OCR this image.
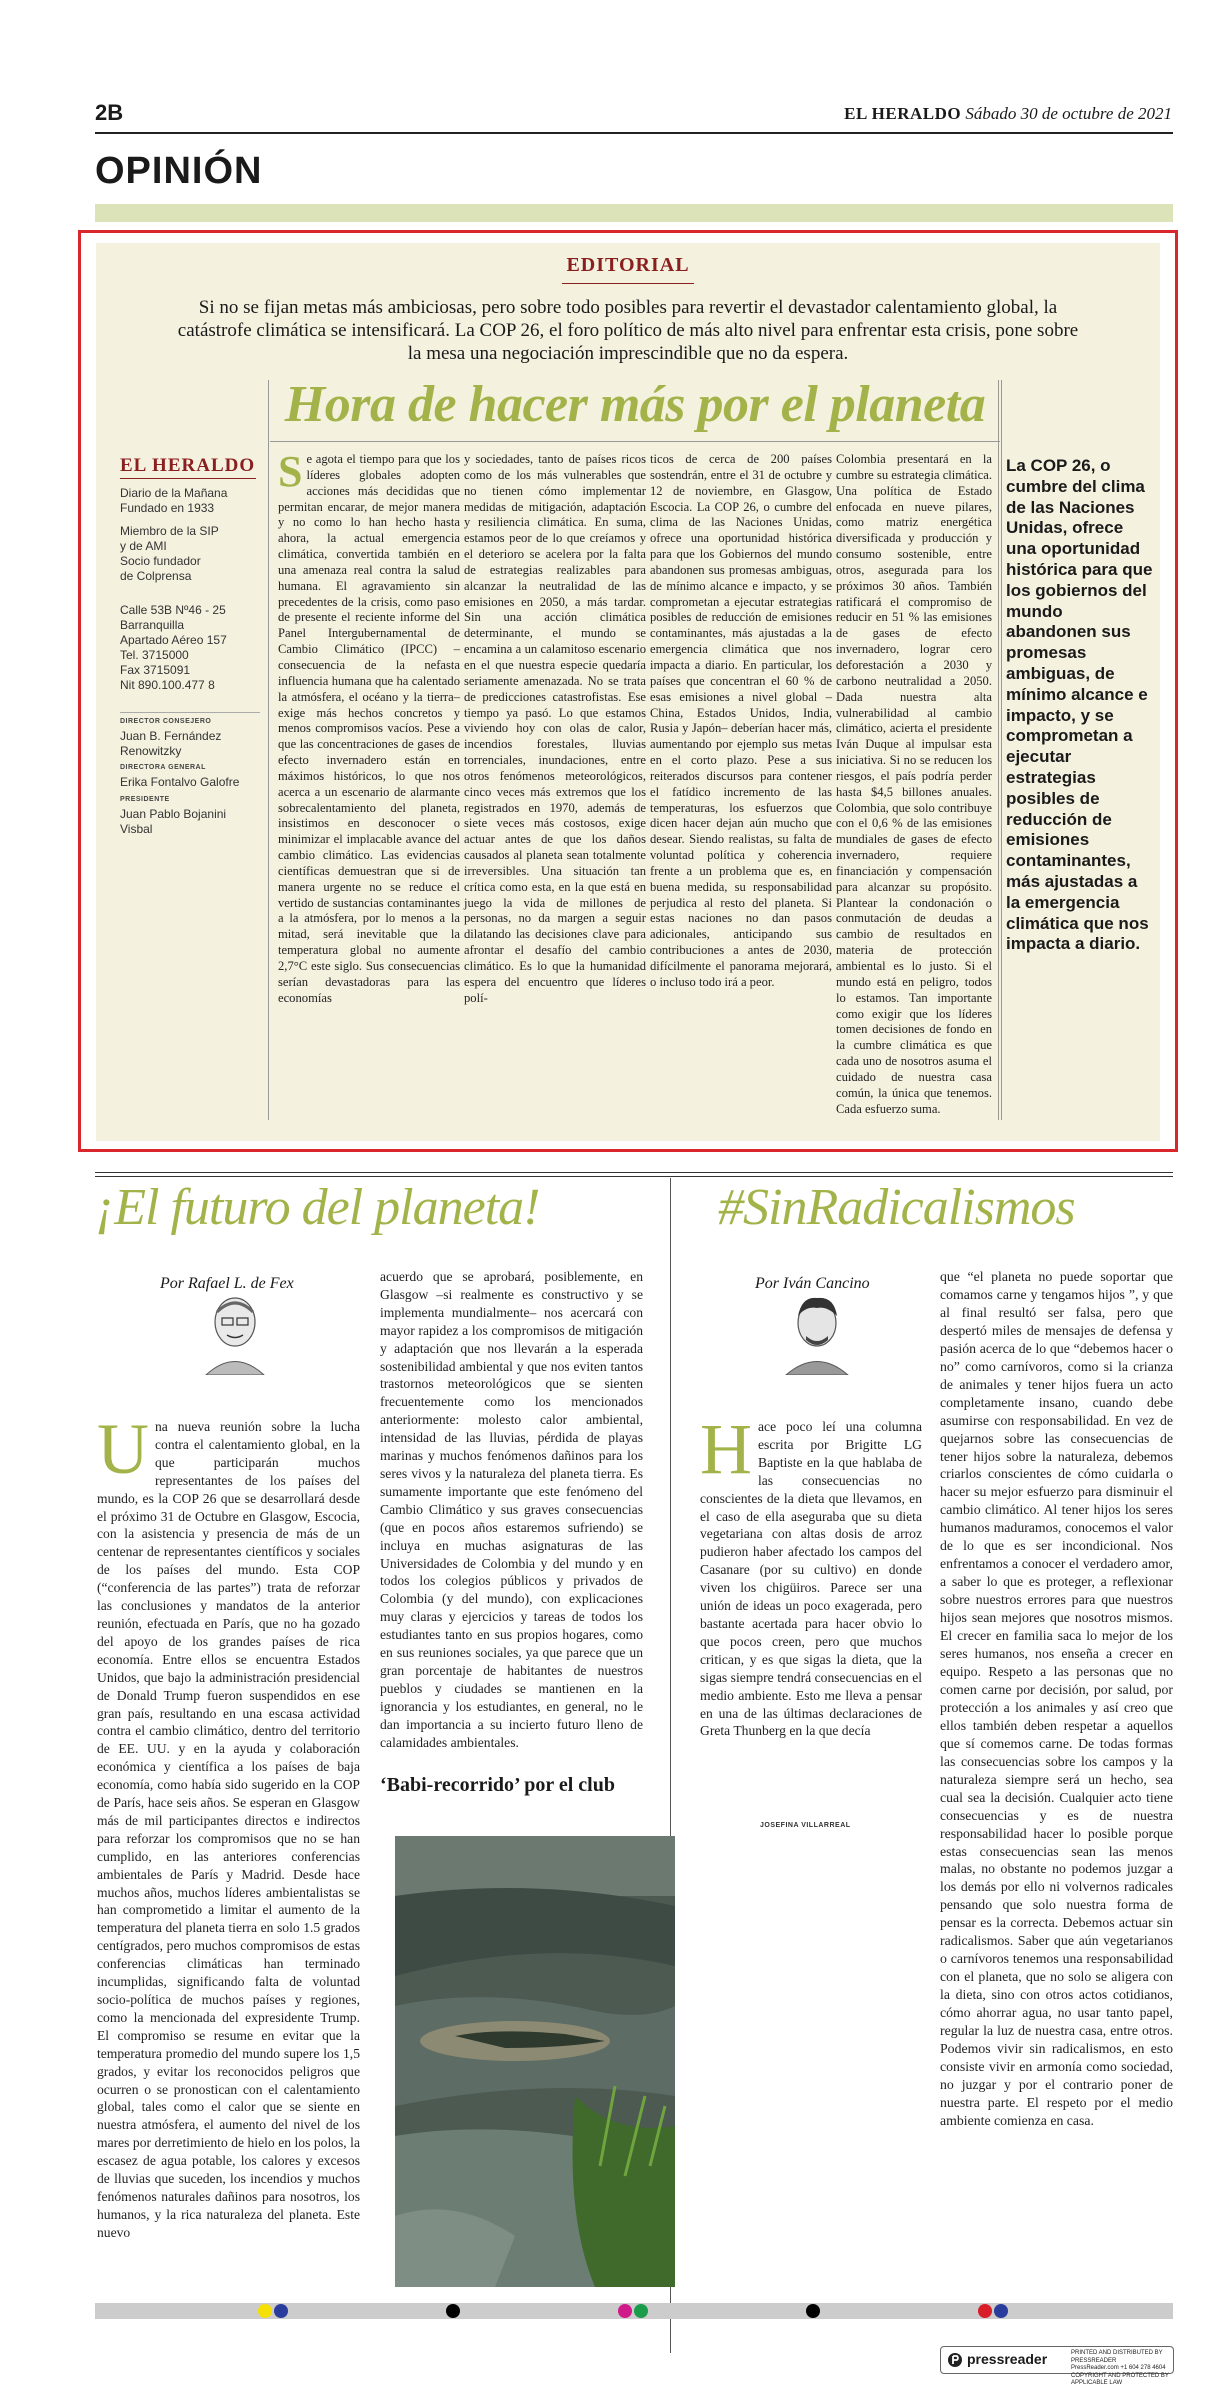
2B	EL HERALDO Sábado 30 de octubre de 2021
OPINIÓN
EDITORIAL
Si no se fijan metas más ambiciosas, pero sobre todo posibles para revertir el devastador calentamiento global, la catástrofe climática se intensificará. La COP 26, el foro político de más alto nivel para enfrentar esta crisis, pone sobre la mesa una negociación imprescindible que no da espera.
Hora de hacer más por el planeta
EL HERALDO
Diario de la Mañana
Fundado en 1933
Miembro de la SIP
y de AMI
Socio fundador
de Colprensa
Calle 53B Nº46 - 25
Barranquilla
Apartado Aéreo 157
Tel. 3715000
Fax 3715091
Nit 890.100.477 8
DIRECTOR CONSEJERO
Juan B. Fernández Renowitzky
DIRECTORA GENERAL
Erika Fontalvo Galofre
PRESIDENTE
Juan Pablo Bojanini Visbal
Se agota el tiempo para que los líderes globales adopten acciones más decididas que permitan encarar, de mejor manera y no como lo han hecho hasta ahora, la actual emergencia climática, convertida también en una amenaza real contra la salud humana. El agravamiento sin precedentes de la crisis, como paso de presente el reciente informe del Panel Intergubernamental de Cambio Climático (IPCC) –consecuencia de la nefasta influencia humana que ha calentado la atmósfera, el océano y la tierra– exige más hechos concretos y menos compromisos vacíos. Pese a que las concentraciones de gases de efecto invernadero están en máximos históricos, lo que nos acerca a un escenario de alarmante sobrecalentamiento del planeta, insistimos en desconocer o minimizar el implacable avance del cambio climático. Las evidencias científicas demuestran que si de manera urgente no se reduce el vertido de sustancias contaminantes a la atmósfera, por lo menos a la mitad, será inevitable que la temperatura global no aumente 2,7°C este siglo. Sus consecuencias serían devastadoras para las economías
y sociedades, tanto de países ricos como de los más vulnerables que no tienen cómo implementar medidas de mitigación, adaptación y resiliencia climática. En suma, estamos peor de lo que creíamos y el deterioro se acelera por la falta de estrategias realizables para alcanzar la neutralidad de las emisiones en 2050, a más tardar. Sin una acción climática determinante, el mundo se encamina a un calamitoso escenario en el que nuestra especie quedaría seriamente amenazada. No se trata de predicciones catastrofistas. Ese tiempo ya pasó. Lo que estamos viviendo hoy con olas de calor, incendios forestales, lluvias torrenciales, inundaciones, entre otros fenómenos meteorológicos, cinco veces más extremos que los registrados en 1970, además de siete veces más costosos, exige actuar antes de que los daños causados al planeta sean totalmente irreversibles. Una situación tan crítica como esta, en la que está en juego la vida de millones de personas, no da margen a seguir dilatando las decisiones clave para afrontar el desafío del cambio climático. Es lo que la humanidad espera del encuentro que líderes polí-
ticos de cerca de 200 países sostendrán, entre el 31 de octubre y 12 de noviembre, en Glasgow, Escocia. La COP 26, o cumbre del clima de las Naciones Unidas, ofrece una oportunidad histórica para que los Gobiernos del mundo abandonen sus promesas ambiguas, de mínimo alcance e impacto, y se comprometan a ejecutar estrategias posibles de reducción de emisiones contaminantes, más ajustadas a la emergencia climática que nos impacta a diario. En particular, los países que concentran el 60 % de esas emisiones a nivel global –China, Estados Unidos, India, Rusia y Japón– deberían hacer más, aumentando por ejemplo sus metas en el corto plazo. Pese a sus reiterados discursos para contener el fatídico incremento de las temperaturas, los esfuerzos que dicen hacer dejan aún mucho que desear. Siendo realistas, su falta de voluntad política y coherencia frente a un problema que es, en buena medida, su responsabilidad perjudica al resto del planeta. Si estas naciones no dan pasos adicionales, anticipando sus contribuciones a antes de 2030, difícilmente el panorama mejorará, o incluso todo irá a peor.
Colombia presentará en la cumbre su estrategia climática. Una política de Estado enfocada en nueve pilares, como matriz energética diversificada y producción y consumo sostenible, entre otros, asegurada para los próximos 30 años. También ratificará el compromiso de reducir en 51 % las emisiones de gases de efecto invernadero, lograr cero deforestación a 2030 y carbono neutralidad a 2050. Dada nuestra alta vulnerabilidad al cambio climático, acierta el presidente Iván Duque al impulsar esta iniciativa. Si no se reducen los riesgos, el país podría perder hasta $4,5 billones anuales. Colombia, que solo contribuye con el 0,6 % de las emisiones mundiales de gases de efecto invernadero, requiere financiación y compensación para alcanzar su propósito. Plantear la condonación o conmutación de deudas a cambio de resultados en materia de protección ambiental es lo justo. Si el mundo está en peligro, todos lo estamos. Tan importante como exigir que los líderes tomen decisiones de fondo en la cumbre climática es que cada uno de nosotros asuma el cuidado de nuestra casa común, la única que tenemos. Cada esfuerzo suma.
La COP 26, o cumbre del clima de las Naciones Unidas, ofrece una oportunidad histórica para que los gobiernos del mundo abandonen sus promesas ambiguas, de mínimo alcance e impacto, y se comprometan a ejecutar estrategias posibles de reducción de emisiones contaminantes, más ajustadas a la emergencia climática que nos impacta a diario.
¡El futuro del planeta!
Por Rafael L. de Fex
Una nueva reunión sobre la lucha contra el calentamiento global, en la que participarán muchos representantes de los países del mundo, es la COP 26 que se desarrollará desde el próximo 31 de Octubre en Glasgow, Escocia, con la asistencia y presencia de más de un centenar de representantes científicos y sociales de los países del mundo. Esta COP (“conferencia de las partes”) trata de reforzar las conclusiones y mandatos de la anterior reunión, efectuada en París, que no ha gozado del apoyo de los grandes países de rica economía. Entre ellos se encuentra Estados Unidos, que bajo la administración presidencial de Donald Trump fueron suspendidos en ese gran país, resultando en una escasa actividad contra el cambio climático, dentro del territorio de EE. UU. y en la ayuda y colaboración económica y científica a los países de baja economía, como había sido sugerido en la COP de París, hace seis años. Se esperan en Glasgow más de mil participantes directos e indirectos para reforzar los compromisos que no se han cumplido, en las anteriores conferencias ambientales de París y Madrid. Desde hace muchos años, muchos líderes ambientalistas se han comprometido a limitar el aumento de la temperatura del planeta tierra en solo 1.5 grados centígrados, pero muchos compromisos de estas conferencias climáticas han terminado incumplidas, significando falta de voluntad socio-política de muchos países y regiones, como la mencionada del expresidente Trump. El compromiso se resume en evitar que la temperatura promedio del mundo supere los 1,5 grados, y evitar los reconocidos peligros que ocurren o se pronostican con el calentamiento global, tales como el calor que se siente en nuestra atmósfera, el aumento del nivel de los mares por derretimiento de hielo en los polos, la escasez de agua potable, los calores y excesos de lluvias que suceden, los incendios y muchos fenómenos naturales dañinos para nosotros, los humanos, y la rica naturaleza del planeta. Este nuevo
acuerdo que se aprobará, posiblemente, en Glasgow –si realmente es constructivo y se implementa mundialmente– nos acercará con mayor rapidez a los compromisos de mitigación y adaptación que nos llevarán a la esperada sostenibilidad ambiental y que nos eviten tantos trastornos meteorológicos que se sienten frecuentemente como los mencionados anteriormente: molesto calor ambiental, intensidad de las lluvias, pérdida de playas marinas y muchos fenómenos dañinos para los seres vivos y la naturaleza del planeta tierra. Es sumamente importante que este fenómeno del Cambio Climático y sus graves consecuencias (que en pocos años estaremos sufriendo) se incluya en muchas asignaturas de las Universidades de Colombia y del mundo y en todos los colegios públicos y privados de Colombia (y del mundo), con explicaciones muy claras y ejercicios y tareas de todos los estudiantes tanto en sus propios hogares, como en sus reuniones sociales, ya que parece que un gran porcentaje de habitantes de nuestros pueblos y ciudades se mantienen en la ignorancia y los estudiantes, en general, no le dan importancia a su incierto futuro lleno de calamidades ambientales.
‘Babi-recorrido’ por el club
JOSEFINA VILLARREAL
#SinRadicalismos
Por Iván Cancino
Hace poco leí una columna escrita por Brigitte LG Baptiste en la que hablaba de las consecuencias no conscientes de la dieta que llevamos, en el caso de ella aseguraba que su dieta vegetariana con altas dosis de arroz pudieron haber afectado los campos del Casanare (por su cultivo) en donde viven los chigüiros. Parece ser una unión de ideas un poco exagerada, pero bastante acertada para hacer obvio lo que pocos creen, pero que muchos critican, y es que sigas la dieta, que la sigas siempre tendrá consecuencias en el medio ambiente. Esto me lleva a pensar en una de las últimas declaraciones de Greta Thunberg en la que decía
que “el planeta no puede soportar que comamos carne y tengamos hijos ”, y que al final resultó ser falsa, pero que despertó miles de mensajes de defensa y pasión acerca de lo que “debemos hacer o no” como carnívoros, como si la crianza de animales y tener hijos fuera un acto completamente insano, cuando debe asumirse con responsabilidad. En vez de quejarnos sobre las consecuencias de tener hijos sobre la naturaleza, debemos criarlos conscientes de cómo cuidarla o hacer su mejor esfuerzo para disminuir el cambio climático. Al tener hijos los seres humanos maduramos, conocemos el valor de lo que es ser incondicional. Nos enfrentamos a conocer el verdadero amor, a saber lo que es proteger, a reflexionar sobre nuestros errores para que nuestros hijos sean mejores que nosotros mismos. El crecer en familia saca lo mejor de los seres humanos, nos enseña a crecer en equipo. Respeto a las personas que no comen carne por decisión, por salud, por protección a los animales y así creo que ellos también deben respetar a aquellos que sí comemos carne. De todas formas las consecuencias sobre los campos y la naturaleza siempre será un hecho, sea cual sea la decisión. Cualquier acto tiene consecuencias y es de nuestra responsabilidad hacer lo posible porque estas consecuencias sean las menos malas, no obstante no podemos juzgar a los demás por ello ni volvernos radicales pensando que solo nuestra forma de pensar es la correcta. Debemos actuar sin radicalismos. Saber que aún vegetarianos o carnívoros tenemos una responsabilidad con el planeta, que no solo se aligera con la dieta, sino con otros actos cotidianos, cómo ahorrar agua, no usar tanto papel, regular la luz de nuestra casa, entre otros. Podemos vivir sin radicalismos, en esto consiste vivir en armonía como sociedad, no juzgar y por el contrario poner de nuestra parte. El respeto por el medio ambiente comienza en casa.
pressreader	PRINTED AND DISTRIBUTED BY PRESSREADER
PressReader.com +1 604 278 4604
COPYRIGHT AND PROTECTED BY APPLICABLE LAW
